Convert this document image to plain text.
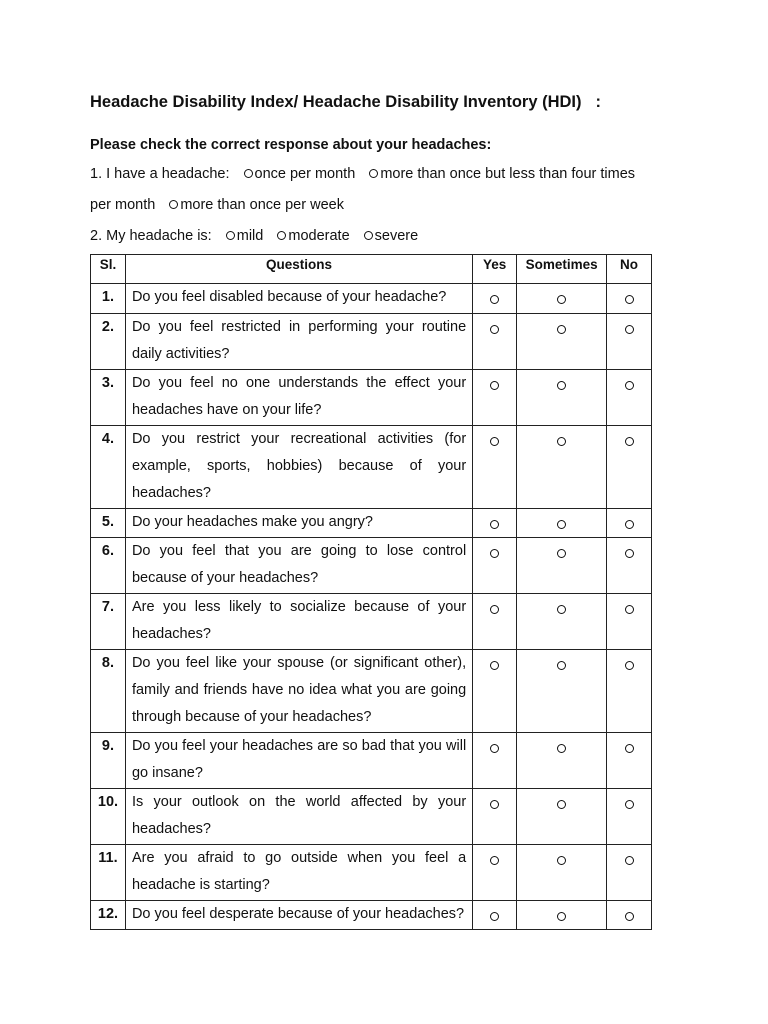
Headache Disability Index/ Headache Disability Inventory (HDI) :
Please check the correct response about your headaches:
1. I have a headache: once per month more than once but less than four times
per month more than once per week
2. My headache is: mild moderate severe
Sl.	Questions	Yes	Sometimes	No
1.	Do you feel disabled because of your headache?			
2.	Do you feel restricted in performing your routine daily activities?			
3.	Do you feel no one understands the effect your headaches have on your life?			
4.	Do you restrict your recreational activities (for example, sports, hobbies) because of your headaches?			
5.	Do your headaches make you angry?			
6.	Do you feel that you are going to lose control because of your headaches?			
7.	Are you less likely to socialize because of your headaches?			
8.	Do you feel like your spouse (or significant other), family and friends have no idea what you are going through because of your headaches?			
9.	Do you feel your headaches are so bad that you will go insane?			
10.	Is your outlook on the world affected by your headaches?			
11.	Are you afraid to go outside when you feel a headache is starting?			
12.	Do you feel desperate because of your headaches?			
